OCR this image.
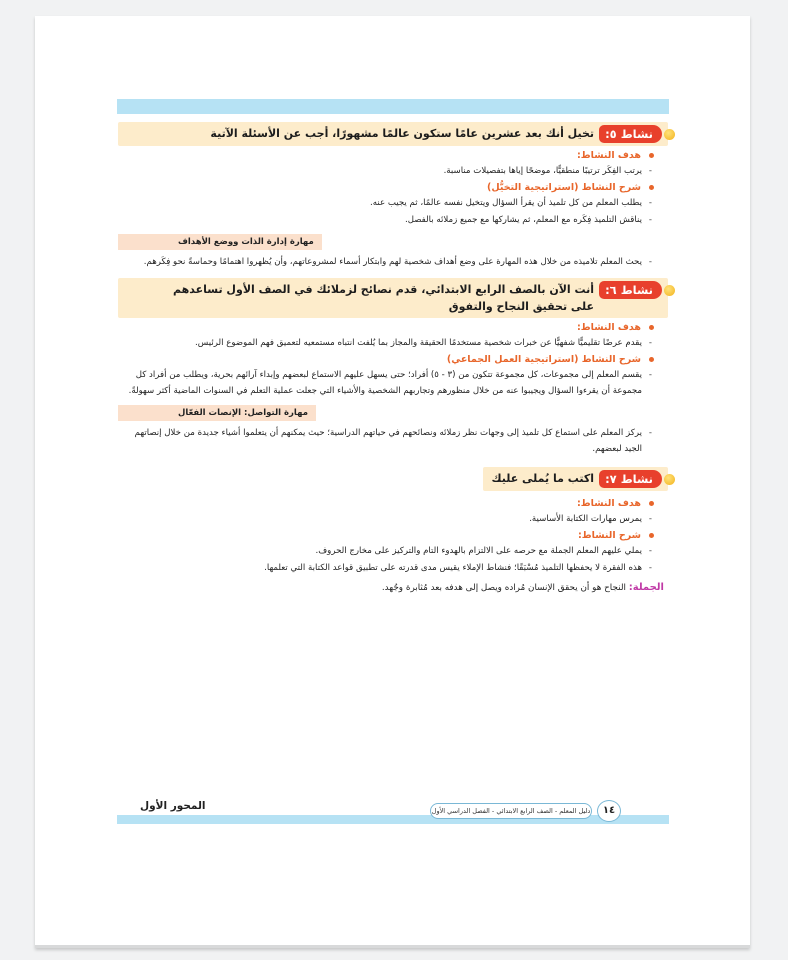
نشاط ٥:
تخيل أنك بعد عشرين عامًا ستكون عالمًا مشهورًا، أجب عن الأسئلة الآتية
هدف النشاط:
- يرتب الفِكَر ترتيبًا منطقيًّا، موضحًا إياها بتفصيلات مناسبة.
شرح النشاط (استراتيجية التخيُّل)
- يطلب المعلم من كل تلميذ أن يقرأ السؤال ويتخيل نفسه عالمًا، ثم يجيب عنه.
- يناقش التلميذ فِكَره مع المعلم، ثم يشاركها مع جميع زملائه بالفصل.
مهارة إدارة الذات ووضع الأهداف
- يحث المعلم تلاميذه من خلال هذه المهارة على وضع أهداف شخصية لهم وابتكار أسماء لمشروعاتهم، وأن يُظهروا اهتمامًا وحماسةً نحو فِكَرهم.
نشاط ٦:
أنت الآن بالصف الرابع الابتدائي، قدم نصائح لزملائك في الصف الأول تساعدهم على تحقيق النجاح والتفوق
هدف النشاط:
- يقدم عرضًا تقليميًّا شفهيًّا عن خبرات شخصية مستخدمًا الحقيقة والمجاز بما يُلفت انتباه مستمعيه لتعميق فهم الموضوع الرئيس.
شرح النشاط (استراتيجية العمل الجماعي)
- يقسم المعلم إلى مجموعات، كل مجموعة تتكون من (٣ - ٥) أفراد؛ حتى يسهل عليهم الاستماع لبعضهم وإبداء آرائهم بحرية، ويطلب من أفراد كل مجموعة أن يقرءوا السؤال ويجيبوا عنه من خلال منظورهم وتجاربهم الشخصية والأشياء التي جعلت عملية التعلم في السنوات الماضية أكثر سهولةً.
مهارة التواصل: الإنصات الفعّال
- يركز المعلم على استماع كل تلميذ إلى وجهات نظر زملائه ونصائحهم في حياتهم الدراسية؛ حيث يمكنهم أن يتعلموا أشياء جديدة من خلال إنصاتهم الجيد لبعضهم.
نشاط ٧:
اكتب ما يُملى عليك
هدف النشاط:
- يمرس مهارات الكتابة الأساسية.
شرح النشاط:
- يملي عليهم المعلم الجملة مع حرصه على الالتزام بالهدوء التام والتركيز على مخارج الحروف.
- هذه الفقرة لا يحفظها التلميذ مُسْبَقًا؛ فنشاط الإملاء يقيس مدى قدرته على تطبيق قواعد الكتابة التي تعلمها.
الجملة: النجاح هو أن يحقق الإنسان مُراده ويصل إلى هدفه بعد مُثابرة وجُهد.
المحور الأول	دليل المعلم - الصف الرابع الابتدائي - الفصل الدراسي الأول	١٤
